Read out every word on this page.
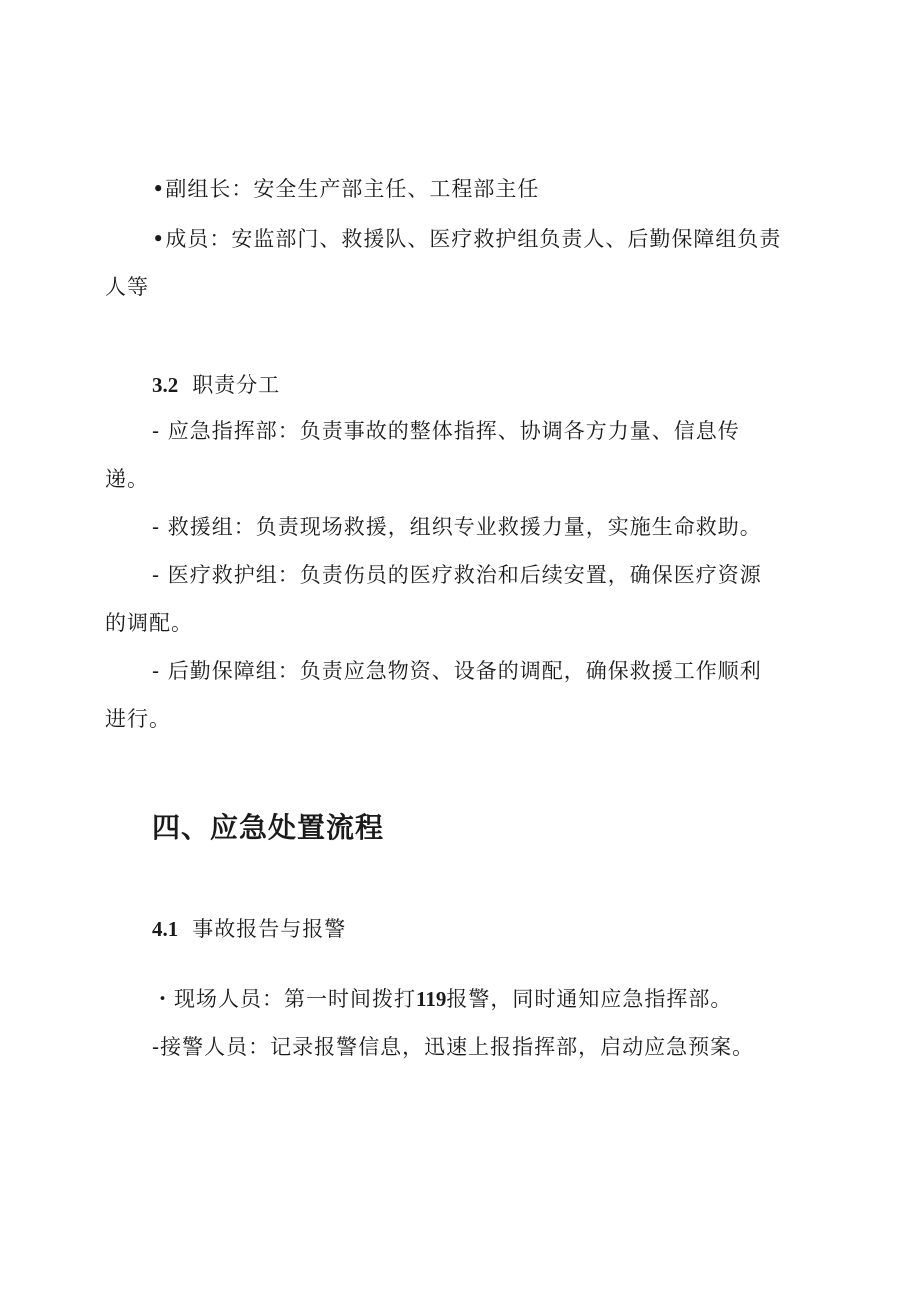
•副组长：安全生产部主任、工程部主任
•成员：安监部门、救援队、医疗救护组负责人、后勤保障组负责
人等
3.2 职责分工
- 应急指挥部：负责事故的整体指挥、协调各方力量、信息传
递。
- 救援组：负责现场救援，组织专业救援力量，实施生命救助。
- 医疗救护组：负责伤员的医疗救治和后续安置，确保医疗资源
的调配。
- 后勤保障组：负责应急物资、设备的调配，确保救援工作顺利
进行。
四、应急处置流程
4.1 事故报告与报警
・现场人员：第一时间拨打119报警，同时通知应急指挥部。
-接警人员：记录报警信息，迅速上报指挥部，启动应急预案。
